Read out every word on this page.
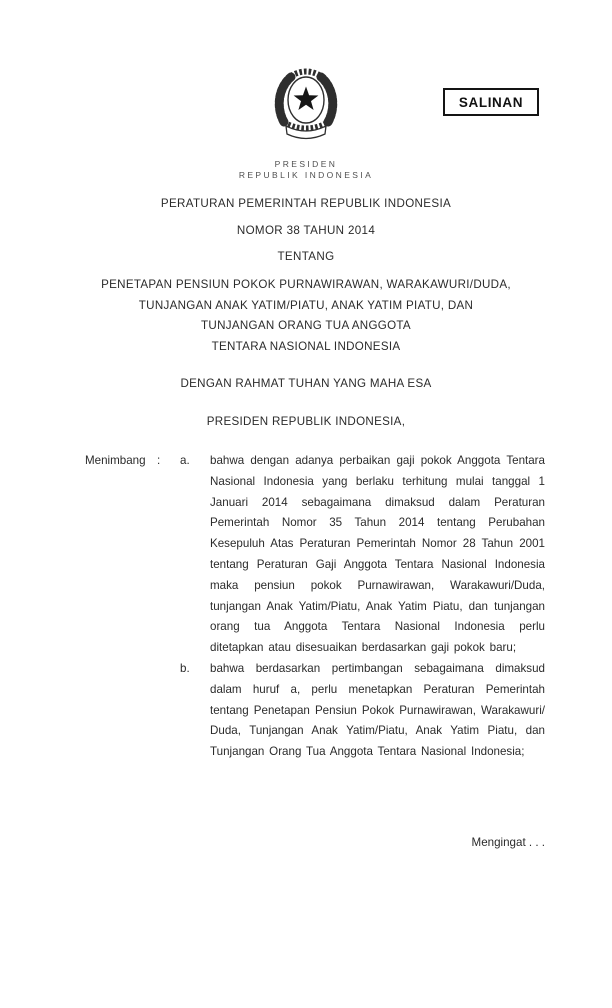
SALINAN
PRESIDEN
REPUBLIK INDONESIA
PERATURAN PEMERINTAH REPUBLIK INDONESIA
NOMOR 38 TAHUN 2014
TENTANG
PENETAPAN PENSIUN POKOK PURNAWIRAWAN, WARAKAWURI/DUDA,
TUNJANGAN ANAK YATIM/PIATU, ANAK YATIM PIATU, DAN
TUNJANGAN ORANG TUA ANGGOTA
TENTARA NASIONAL INDONESIA
DENGAN RAHMAT TUHAN YANG MAHA ESA
PRESIDEN REPUBLIK INDONESIA,
Menimbang :	a.	bahwa dengan adanya perbaikan gaji pokok Anggota Tentara Nasional Indonesia yang berlaku terhitung mulai tanggal 1 Januari 2014 sebagaimana dimaksud dalam Peraturan Pemerintah Nomor 35 Tahun 2014 tentang Perubahan Kesepuluh Atas Peraturan Pemerintah Nomor 28 Tahun 2001 tentang Peraturan Gaji Anggota Tentara Nasional Indonesia maka pensiun pokok Purnawirawan, Warakawuri/Duda, tunjangan Anak Yatim/Piatu, Anak Yatim Piatu, dan tunjangan orang tua Anggota Tentara Nasional Indonesia perlu ditetapkan atau disesuaikan berdasarkan gaji pokok baru;
b.	bahwa berdasarkan pertimbangan sebagaimana dimaksud dalam huruf a, perlu menetapkan Peraturan Pemerintah tentang Penetapan Pensiun Pokok Purnawirawan, Warakawuri/ Duda, Tunjangan Anak Yatim/Piatu, Anak Yatim Piatu, dan Tunjangan Orang Tua Anggota Tentara Nasional Indonesia;
Mengingat . . .
